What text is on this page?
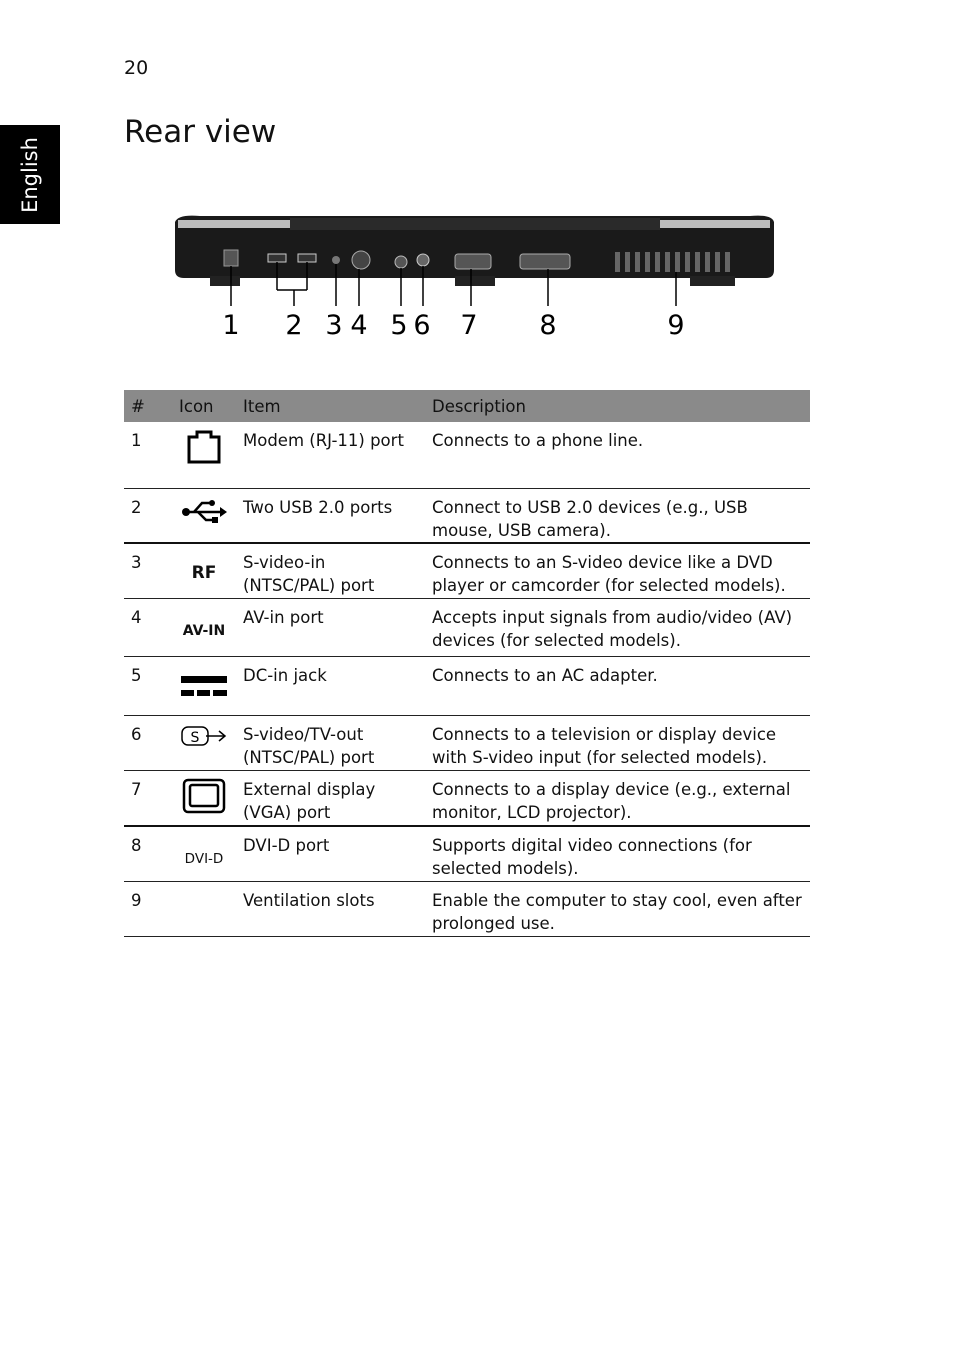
20
English
Rear view
1 2 3 4 5 6 7 8	9
#	Icon	Item	Description
1		Modem (RJ-11) port	Connects to a phone line.
2		Two USB 2.0 ports	Connect to USB 2.0 devices (e.g., USB mouse, USB camera).
3	RF	S-video-in (NTSC/PAL) port	Connects to an S-video device like a DVD player or camcorder (for selected models).
4	$_{AV-IN}$	AV-in port	Accepts input signals from audio/video (AV) devices (for selected models).
5		DC-in jack	Connects to an AC adapter.
6	S	S-video/TV-out (NTSC/PAL) port	Connects to a television or display device with S-video input (for selected models).
7		External display (VGA) port	Connects to a display device (e.g., external monitor, LCD projector).
8	$_{DVI-D}$	DVI-D port	Supports digital video connections (for selected models).
9		Ventilation slots	Enable the computer to stay cool, even after prolonged use.
